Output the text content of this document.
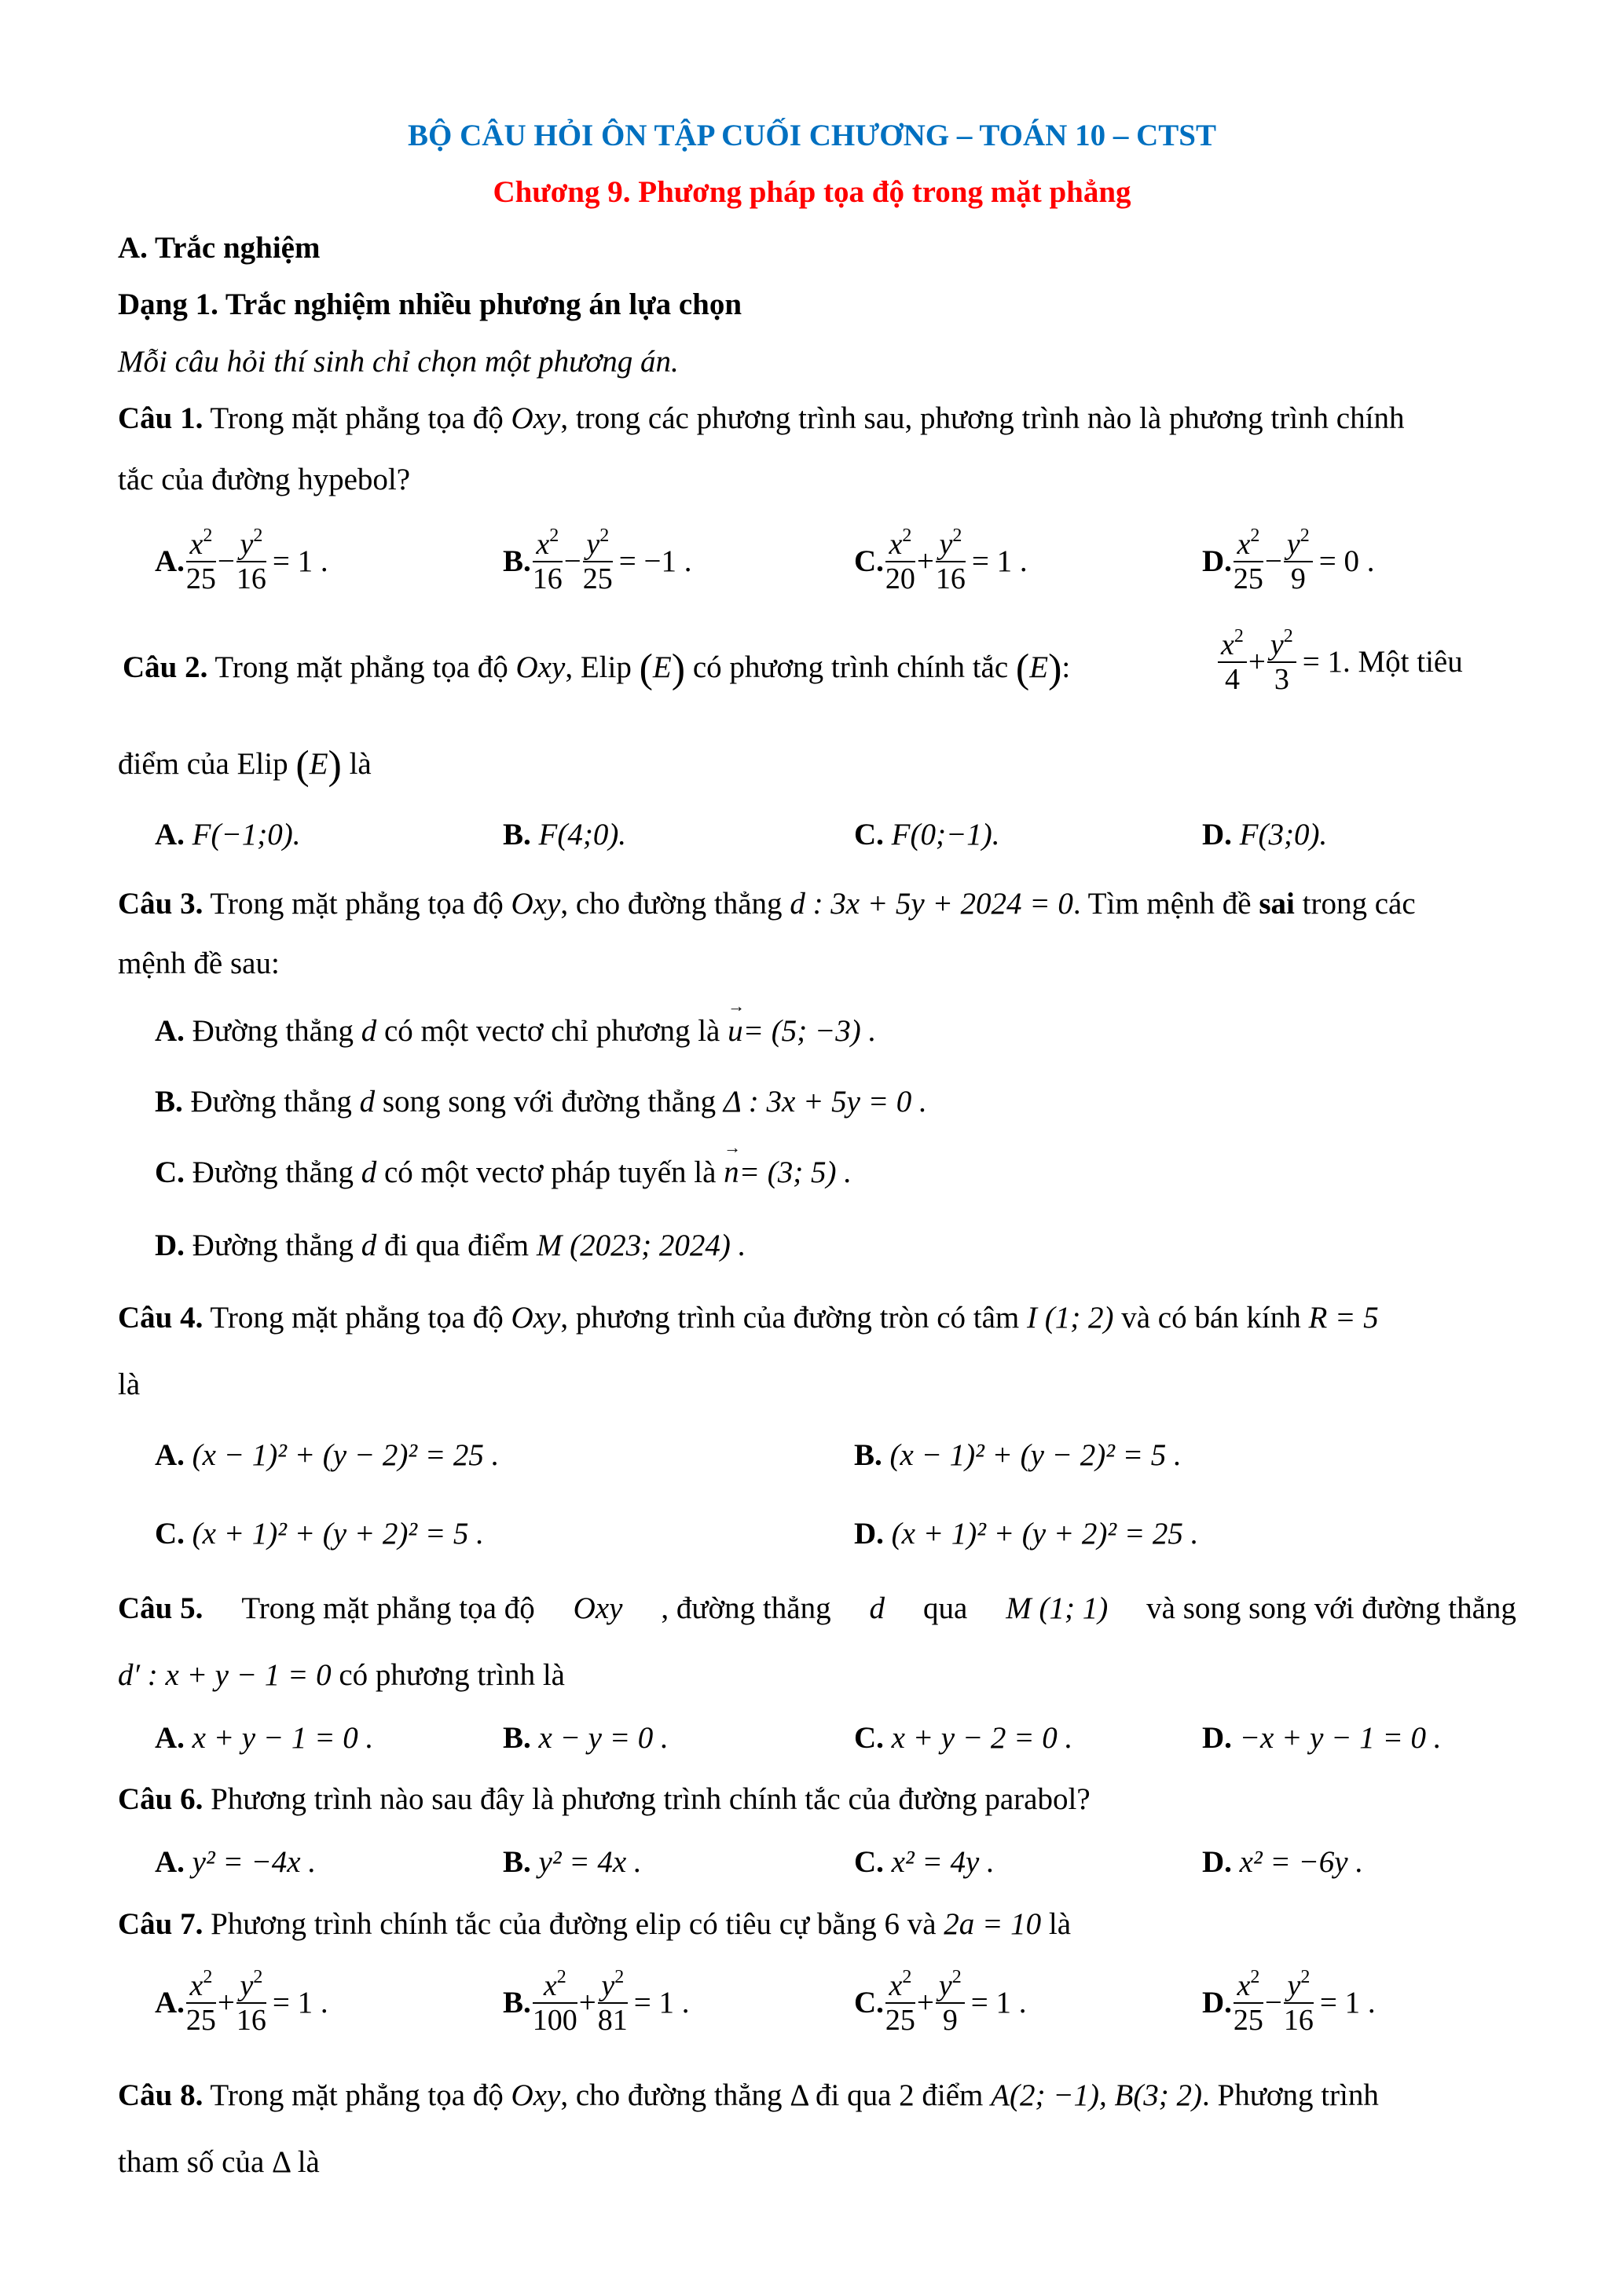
BỘ CÂU HỎI ÔN TẬP CUỐI CHƯƠNG – TOÁN 10 – CTST
Chương 9. Phương pháp tọa độ trong mặt phẳng
A. Trắc nghiệm
Dạng 1. Trắc nghiệm nhiều phương án lựa chọn
Mỗi câu hỏi thí sinh chỉ chọn một phương án.
Câu 1. Trong mặt phẳng tọa độ Oxy, trong các phương trình sau, phương trình nào là phương trình chính
tắc của đường hypebol?
A. $\frac{x^2}{25} - \frac{y^2}{16} = 1$ .	B. $\frac{x^2}{16} - \frac{y^2}{25} = -1$ .	C. $\frac{x^2}{20} + \frac{y^2}{16} = 1$ .	D. $\frac{x^2}{25} - \frac{y^2}{9} = 0$ .
Câu 2. Trong mặt phẳng tọa độ Oxy, Elip (E) có phương trình chính tắc (E):	$\frac{x^2}{4} + \frac{y^2}{3} = 1$ . Một tiêu
điểm của Elip (E) là
A. F(−1;0).	B. F(4;0).	C. F(0;−1).	D. F(3;0).
Câu 3. Trong mặt phẳng tọa độ Oxy, cho đường thẳng d : 3x + 5y + 2024 = 0. Tìm mệnh đề sai trong các
mệnh đề sau:
A. Đường thẳng d có một vectơ chỉ phương là → u= (5; −3) .
B. Đường thẳng d song song với đường thẳng Δ : 3x + 5y = 0 .
C. Đường thẳng d có một vectơ pháp tuyến là → n= (3; 5) .
D. Đường thẳng d đi qua điểm M (2023; 2024) .
Câu 4. Trong mặt phẳng tọa độ Oxy, phương trình của đường tròn có tâm I (1; 2) và có bán kính R = 5
là
A. (x − 1)² + (y − 2)² = 25 .	B. (x − 1)² + (y − 2)² = 5 .
C. (x + 1)² + (y + 2)² = 5 .	D. (x + 1)² + (y + 2)² = 25 .
Câu 5. Trong mặt phẳng tọa độ Oxy , đường thẳng d qua M (1; 1) và song song với đường thẳng
d′ : x + y − 1 = 0 có phương trình là
A. x + y − 1 = 0 .	B. x − y = 0 .	C. x + y − 2 = 0 .	D. −x + y − 1 = 0 .
Câu 6. Phương trình nào sau đây là phương trình chính tắc của đường parabol?
A. y² = −4x .	B. y² = 4x .	C. x² = 4y .	D. x² = −6y .
Câu 7. Phương trình chính tắc của đường elip có tiêu cự bằng 6 và 2a = 10 là
A. $\frac{x^2}{25} + \frac{y^2}{16} = 1$ .	B. $\frac{x^2}{100} + \frac{y^2}{81} = 1$ .	C. $\frac{x^2}{25} + \frac{y^2}{9} = 1$ .	D. $\frac{x^2}{25} - \frac{y^2}{16} = 1$ .
Câu 8. Trong mặt phẳng tọa độ Oxy, cho đường thẳng Δ đi qua 2 điểm A(2; −1), B(3; 2). Phương trình
tham số của Δ là
